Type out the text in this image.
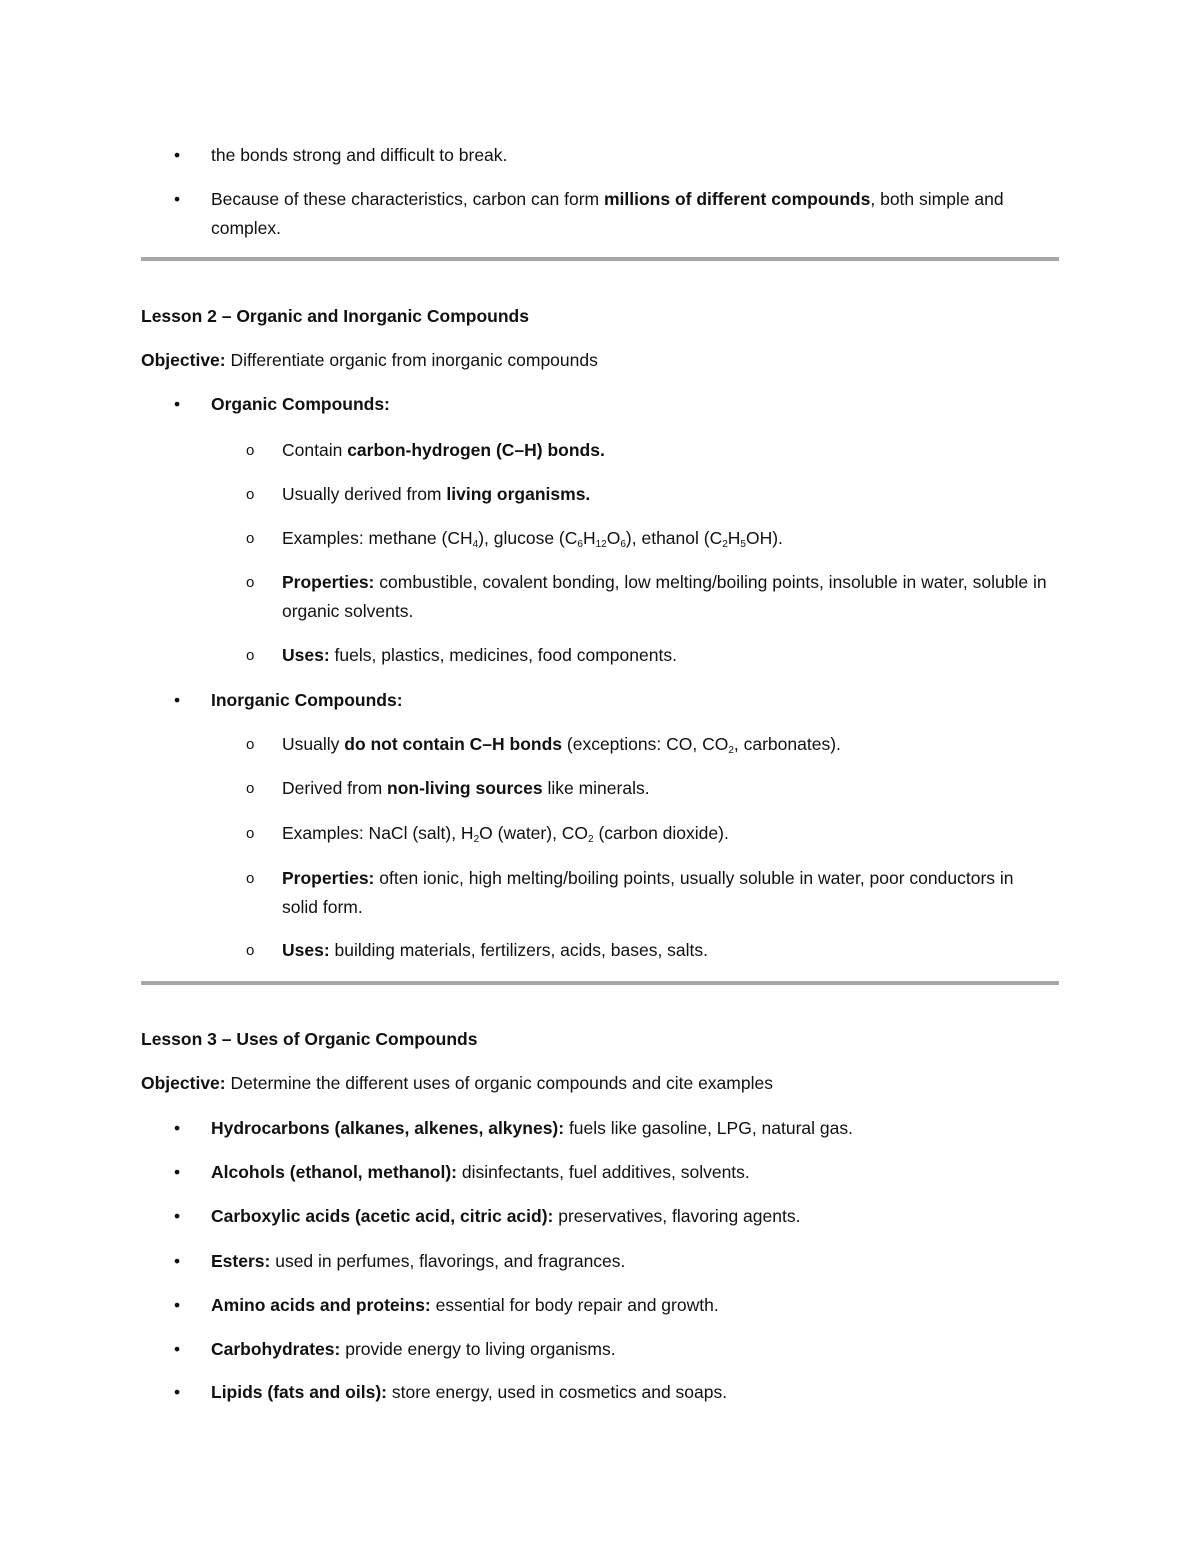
• the bonds strong and difficult to break.
• Because of these characteristics, carbon can form millions of different compounds, both simple and complex.
Lesson 2 – Organic and Inorganic Compounds
Objective: Differentiate organic from inorganic compounds
• Organic Compounds:
o Contain carbon-hydrogen (C–H) bonds.
o Usually derived from living organisms.
o Examples: methane $(CH_4)$, glucose $(C_6H_{12}O_6)$, ethanol $(C_2H_5OH)$.
o Properties: combustible, covalent bonding, low melting/boiling points, insoluble in water, soluble in organic solvents.
o Uses: fuels, plastics, medicines, food components.
• Inorganic Compounds:
o Usually do not contain C–H bonds (exceptions: CO, $CO_2$, carbonates).
o Derived from non-living sources like minerals.
o Examples: NaCl (salt), $H_2O$ (water), $CO_2$ (carbon dioxide).
o Properties: often ionic, high melting/boiling points, usually soluble in water, poor conductors in solid form.
o Uses: building materials, fertilizers, acids, bases, salts.
Lesson 3 – Uses of Organic Compounds
Objective: Determine the different uses of organic compounds and cite examples
• Hydrocarbons (alkanes, alkenes, alkynes): fuels like gasoline, LPG, natural gas.
• Alcohols (ethanol, methanol): disinfectants, fuel additives, solvents.
• Carboxylic acids (acetic acid, citric acid): preservatives, flavoring agents.
• Esters: used in perfumes, flavorings, and fragrances.
• Amino acids and proteins: essential for body repair and growth.
• Carbohydrates: provide energy to living organisms.
• Lipids (fats and oils): store energy, used in cosmetics and soaps.
